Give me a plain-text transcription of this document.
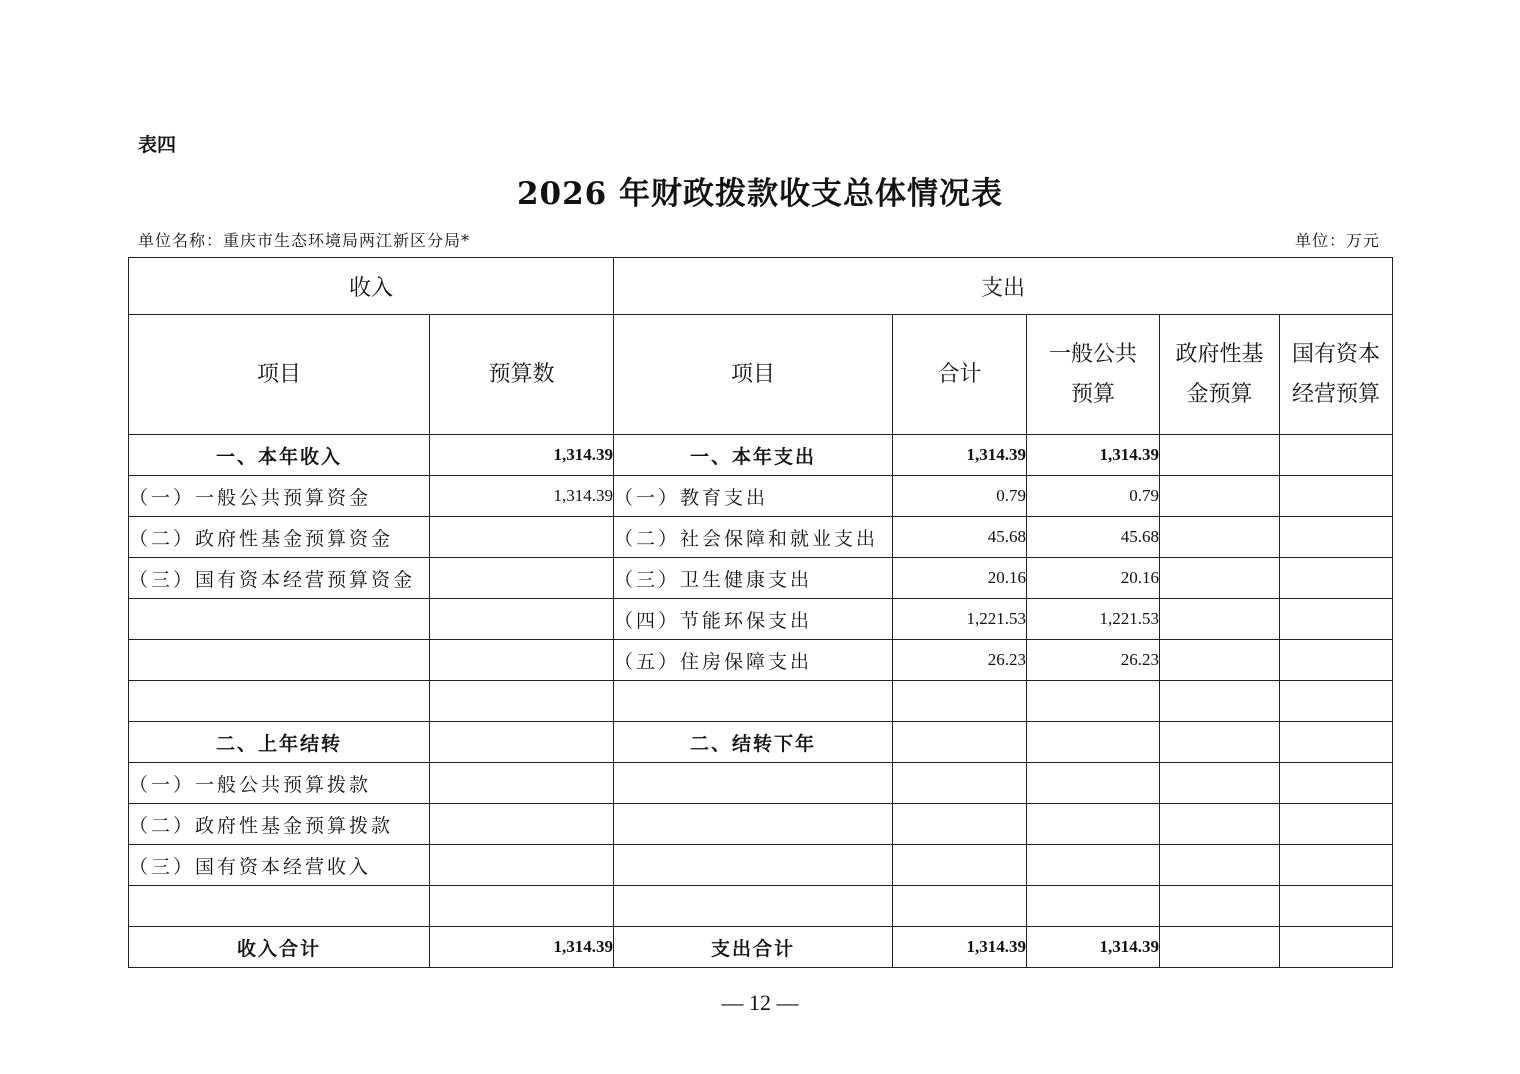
表四
2026 年财政拨款收支总体情况表
单位名称：重庆市生态环境局两江新区分局*	单位：万元
收入		支出				
项目	预算数	项目	合计	一般公共预算	政府性基金预算	国有资本经营预算
一、本年收入	1,314.39	一、本年支出	1,314.39	1,314.39		
（一）一般公共预算资金	1,314.39	（一）教育支出	0.79	0.79		
（二）政府性基金预算资金		（二）社会保障和就业支出	45.68	45.68		
（三）国有资本经营预算资金		（三）卫生健康支出	20.16	20.16		
		（四）节能环保支出	1,221.53	1,221.53		
		（五）住房保障支出	26.23	26.23		

二、上年结转		二、结转下年				
（一）一般公共预算拨款						
（二）政府性基金预算拨款						
（三）国有资本经营收入						

收入合计	1,314.39	支出合计	1,314.39	1,314.39		
— 12 —
